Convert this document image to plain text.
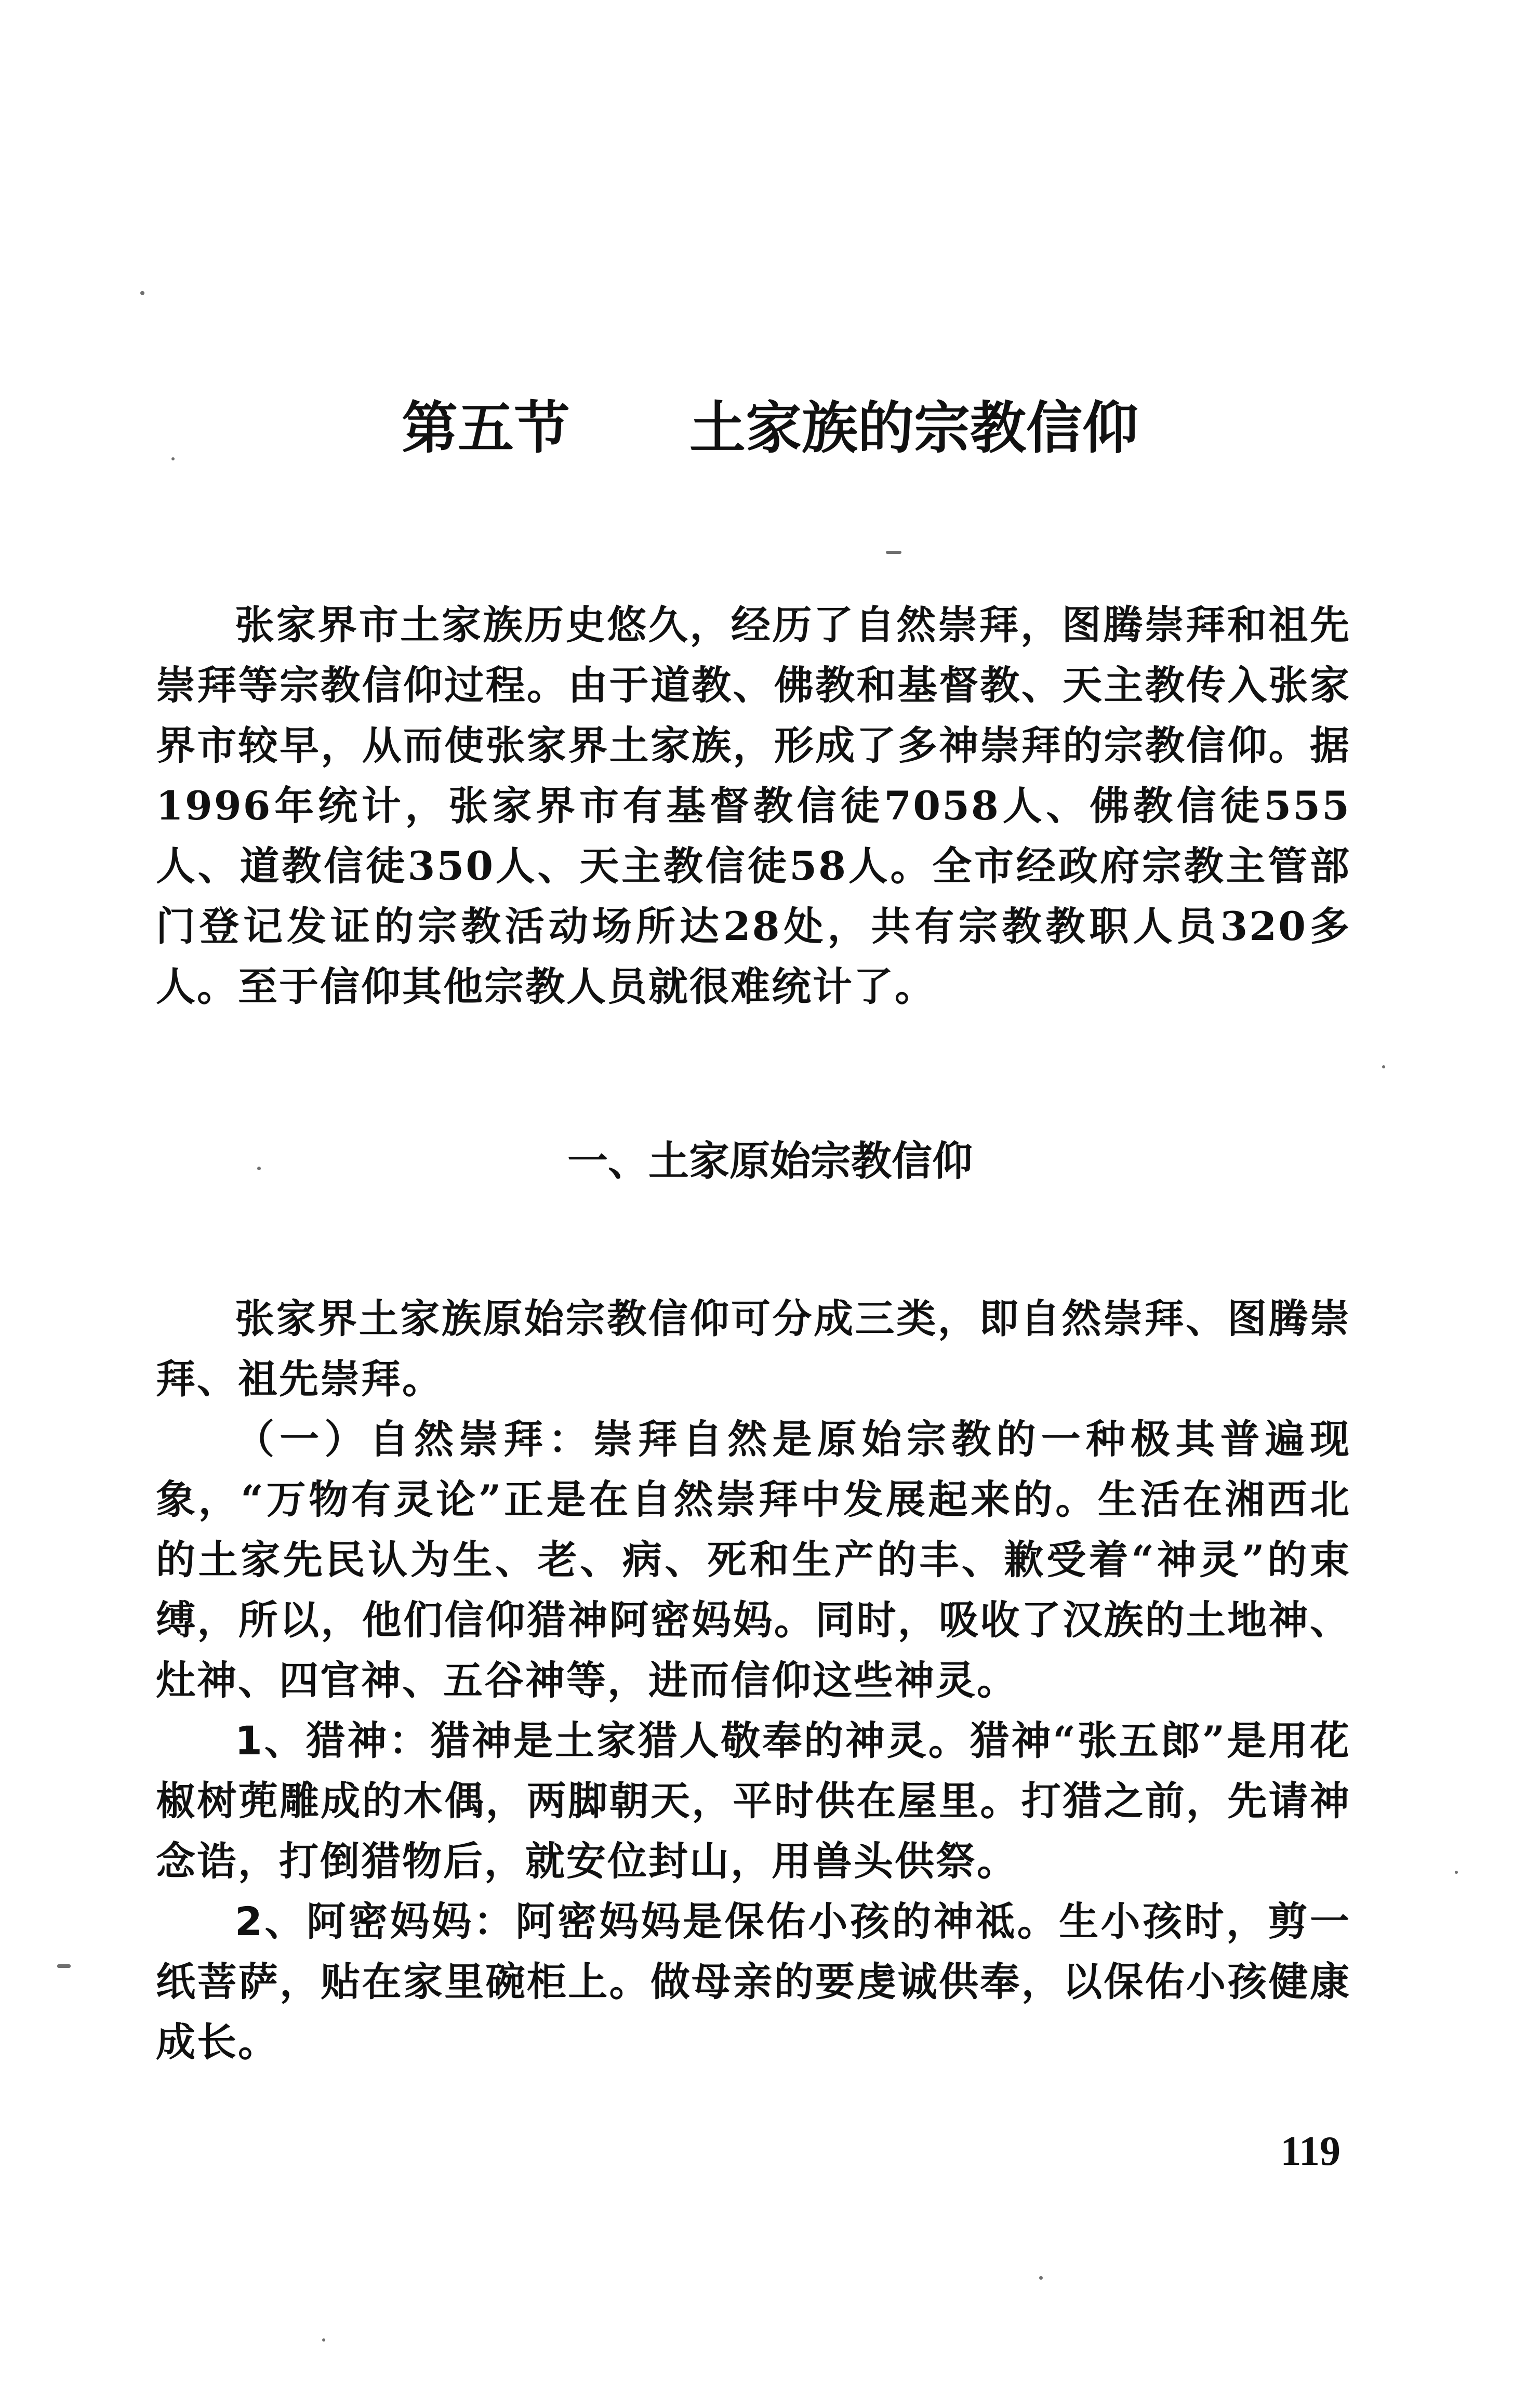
第五节 土家族的宗教信仰

张家界市土家族历史悠久，经历了自然崇拜，图腾崇拜和祖先崇拜等宗教信仰过程。由于道教、佛教和基督教、天主教传入张家界市较早，从而使张家界土家族，形成了多神崇拜的宗教信仰。据1996年统计，张家界市有基督教信徒7058人、佛教信徒555人、道教信徒350人、天主教信徒58人。全市经政府宗教主管部门登记发证的宗教活动场所达28处，共有宗教教职人员320多人。至于信仰其他宗教人员就很难统计了。

一、土家原始宗教信仰

张家界土家族原始宗教信仰可分成三类，即自然崇拜、图腾崇拜、祖先崇拜。

（一）自然崇拜：崇拜自然是原始宗教的一种极其普遍现象，“万物有灵论”正是在自然崇拜中发展起来的。生活在湘西北的土家先民认为生、老、病、死和生产的丰、歉受着“神灵”的束缚，所以，他们信仰猎神阿密妈妈。同时，吸收了汉族的土地神、灶神、四官神、五谷神等，进而信仰这些神灵。

1、猎神：猎神是土家猎人敬奉的神灵。猎神“张五郎”是用花椒树蔸雕成的木偶，两脚朝天，平时供在屋里。打猎之前，先请神念诰，打倒猎物后，就安位封山，用兽头供祭。

2、阿密妈妈：阿密妈妈是保佑小孩的神祗。生小孩时，剪一纸菩萨，贴在家里碗柜上。做母亲的要虔诚供奉，以保佑小孩健康成长。

119
